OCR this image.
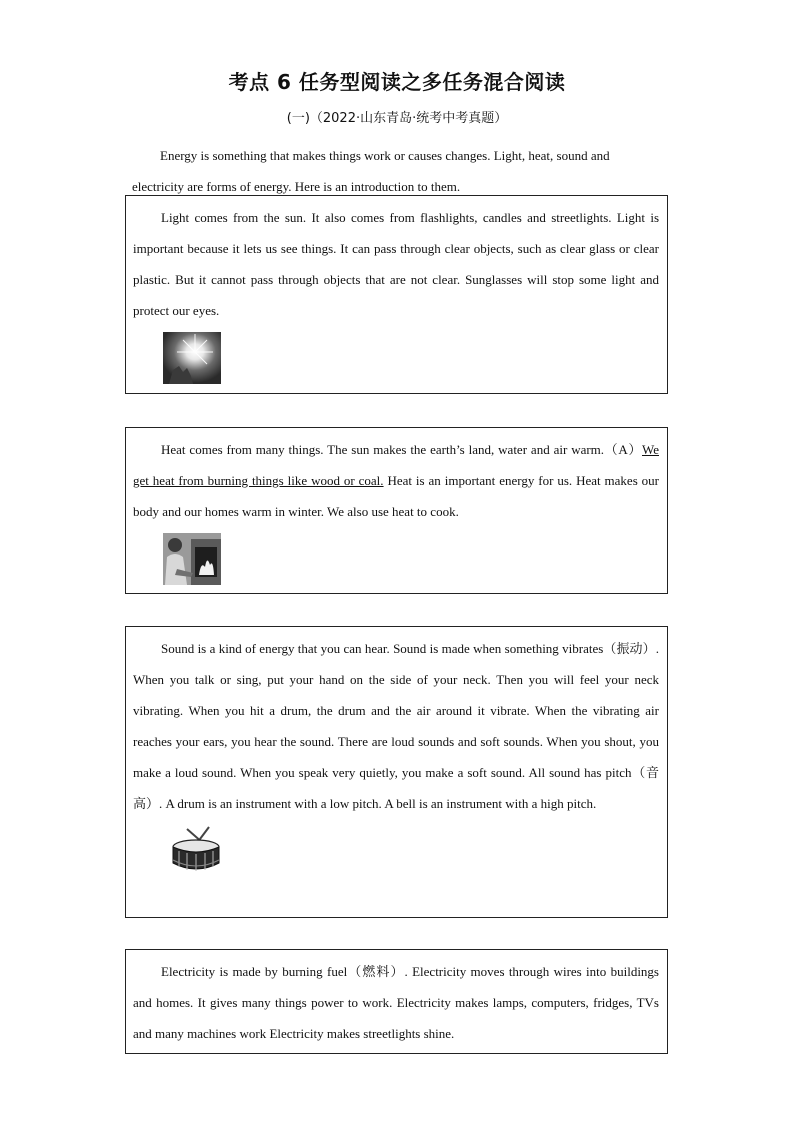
考点 6 任务型阅读之多任务混合阅读
(一)（2022·山东青岛·统考中考真题）

Energy is something that makes things work or causes changes. Light, heat, sound and electricity are forms of energy. Here is an introduction to them.

Light comes from the sun. It also comes from flashlights, candles and streetlights. Light is important because it lets us see things. It can pass through clear objects, such as clear glass or clear plastic. But it cannot pass through objects that are not clear. Sunglasses will stop some light and protect our eyes.

Heat comes from many things. The sun makes the earth’s land, water and air warm.（A）We get heat from burning things like wood or coal. Heat is an important energy for us. Heat makes our body and our homes warm in winter. We also use heat to cook.

Sound is a kind of energy that you can hear. Sound is made when something vibrates（振动）. When you talk or sing, put your hand on the side of your neck. Then you will feel your neck vibrating. When you hit a drum, the drum and the air around it vibrate. When the vibrating air reaches your ears, you hear the sound. There are loud sounds and soft sounds. When you shout, you make a loud sound. When you speak very quietly, you make a soft sound. All sound has pitch（音高）. A drum is an instrument with a low pitch. A bell is an instrument with a high pitch.

Electricity is made by burning fuel（燃料）. Electricity moves through wires into buildings and homes. It gives many things power to work. Electricity makes lamps, computers, fridges, TVs and many machines work Electricity makes streetlights shine.
